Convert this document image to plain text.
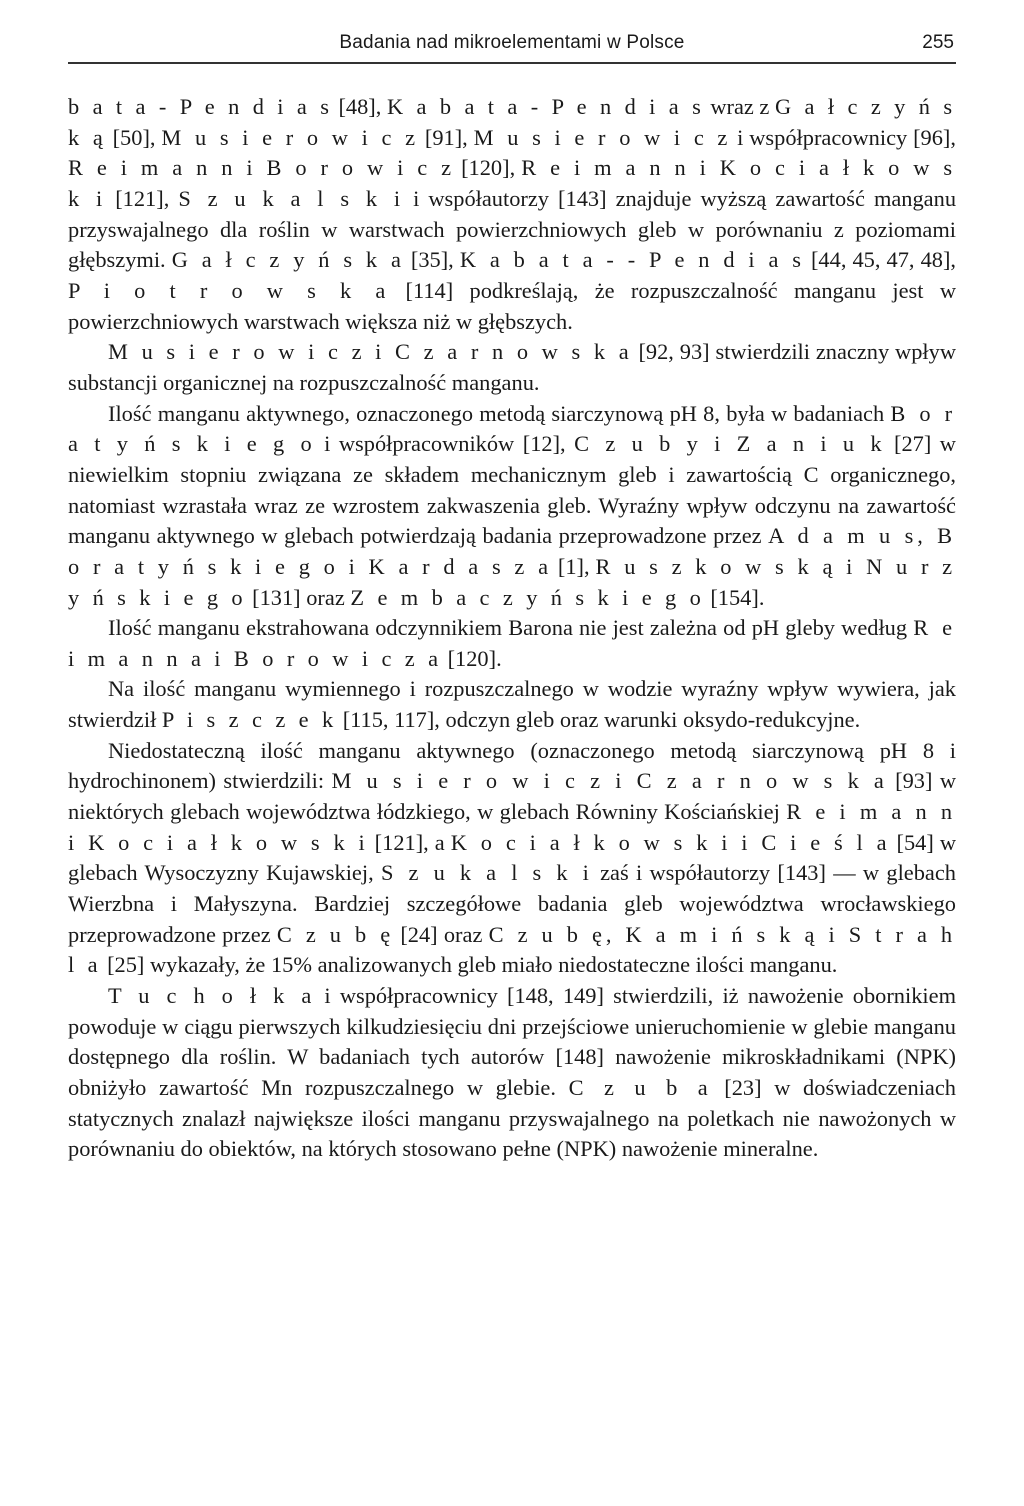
Badania nad mikroelementami w Polsce	255

b a t a - P e n d i a s [48], K a b a t a - P e n d i a s wraz z G a ł c z y ń s k ą [50], M u s i e r o w i c z [91], M u s i e r o w i c z i współpracownicy [96], R e i m a n n i B o r o w i c z [120], R e i m a n n i K o c i a ł k o w s k i [121], S z u k a l s k i i współautorzy [143] znajduje wyższą zawartość manganu przyswajalnego dla roślin w warstwach powierzchniowych gleb w porównaniu z poziomami głębszymi. G a ł c z y ń s k a [35], K a b a t a - - P e n d i a s [44, 45, 47, 48], P i o t r o w s k a [114] podkreślają, że rozpuszczalność manganu jest w powierzchniowych warstwach większa niż w głębszych.

M u s i e r o w i c z i C z a r n o w s k a [92, 93] stwierdzili znaczny wpływ substancji organicznej na rozpuszczalność manganu.

Ilość manganu aktywnego, oznaczonego metodą siarczynową pH 8, była w badaniach B o r a t y ń s k i e g o i współpracowników [12], C z u b y i Z a n i u k [27] w niewielkim stopniu związana ze składem mechanicznym gleb i zawartością C organicznego, natomiast wzrastała wraz ze wzrostem zakwaszenia gleb. Wyraźny wpływ odczynu na zawartość manganu aktywnego w glebach potwierdzają badania przeprowadzone przez A d a m u s, B o r a t y ń s k i e g o i K a r d a s z a [1], R u s z k o w s k ą i N u r z y ń s k i e g o [131] oraz Z e m b a c z y ń s k i e g o [154].

Ilość manganu ekstrahowana odczynnikiem Barona nie jest zależna od pH gleby według R e i m a n n a i B o r o w i c z a [120].

Na ilość manganu wymiennego i rozpuszczalnego w wodzie wyraźny wpływ wywiera, jak stwierdził P i s z c z e k [115, 117], odczyn gleb oraz warunki oksydo-redukcyjne.

Niedostateczną ilość manganu aktywnego (oznaczonego metodą siarczynową pH 8 i hydrochinonem) stwierdzili: M u s i e r o w i c z i C z a r n o w s k a [93] w niektórych glebach województwa łódzkiego, w glebach Równiny Kościańskiej R e i m a n n i K o c i a ł k o w s k i [121], a K o c i a ł k o w s k i i C i e ś l a [54] w glebach Wysoczyzny Kujawskiej, S z u k a l s k i zaś i współautorzy [143] — w glebach Wierzbna i Małyszyna. Bardziej szczegółowe badania gleb województwa wrocławskiego przeprowadzone przez C z u b ę [24] oraz C z u b ę, K a m i ń s k ą i S t r a h l a [25] wykazały, że 15% analizowanych gleb miało niedostateczne ilości manganu.

T u c h o ł k a i współpracownicy [148, 149] stwierdzili, iż nawożenie obornikiem powoduje w ciągu pierwszych kilkudziesięciu dni przejściowe unieruchomienie w glebie manganu dostępnego dla roślin. W badaniach tych autorów [148] nawożenie mikroskładnikami (NPK) obniżyło zawartość Mn rozpuszczalnego w glebie. C z u b a [23] w doświadczeniach statycznych znalazł największe ilości manganu przyswajalnego na poletkach nie nawożonych w porównaniu do obiektów, na których stosowano pełne (NPK) nawożenie mineralne.
